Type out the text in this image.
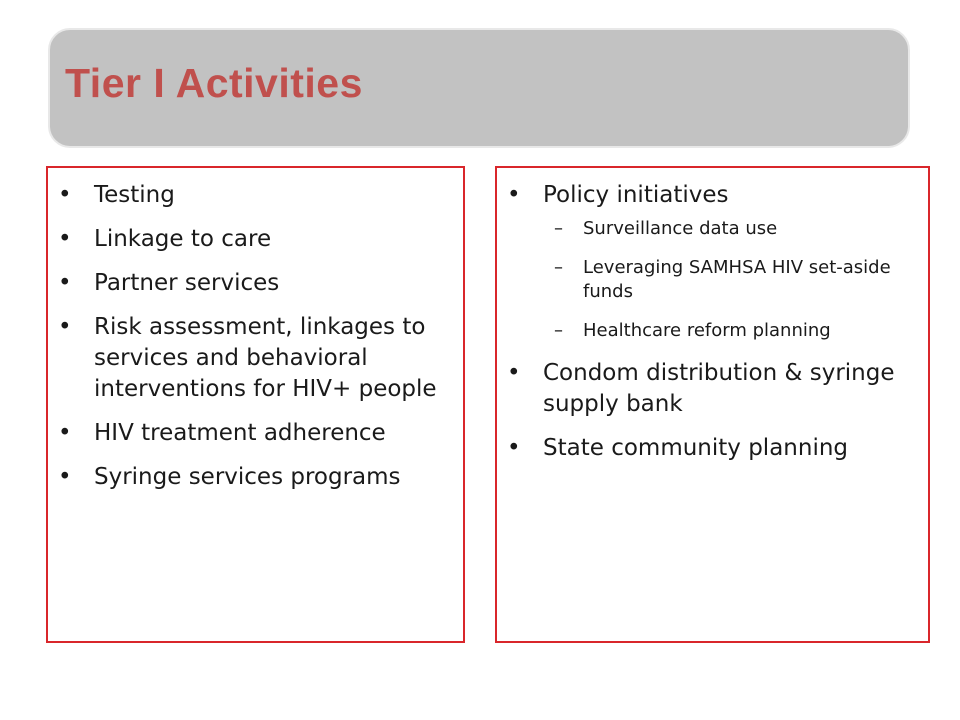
Tier I Activities
• Testing
• Linkage to care
• Partner services
• Risk assessment, linkages to services and behavioral interventions for HIV+ people
• HIV treatment adherence
• Syringe services programs
• Policy initiatives
– Surveillance data use
– Leveraging SAMHSA HIV set-aside funds
– Healthcare reform planning
• Condom distribution & syringe supply bank
• State community planning
